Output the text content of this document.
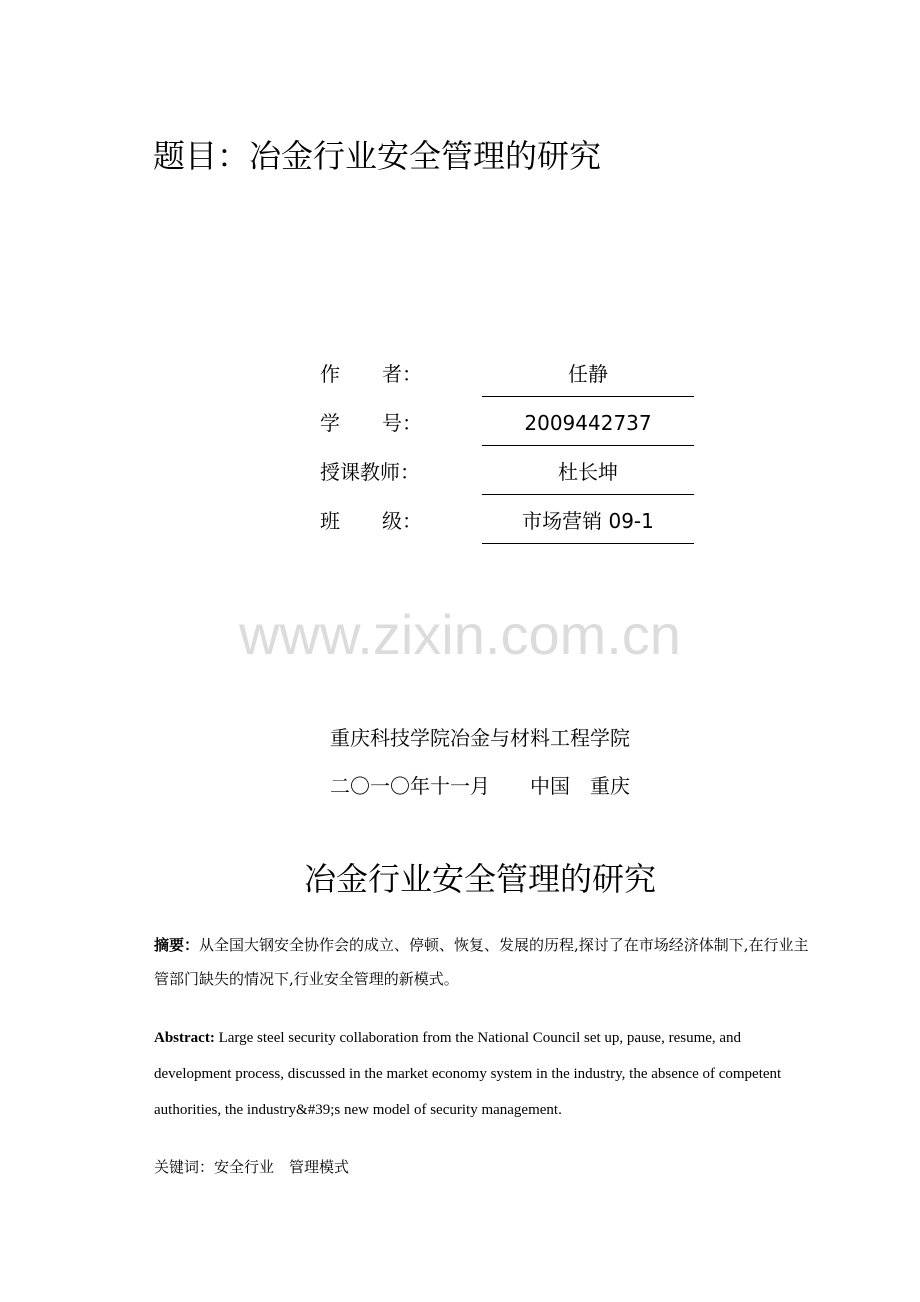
题目：冶金行业安全管理的研究
作 者：	任静
学 号：	2009442737
授课教师：	杜长坤
班 级：	市场营销 09-1
www.zixin.com.cn
重庆科技学院冶金与材料工程学院
二〇一〇年十一月　　中国　重庆
冶金行业安全管理的研究
摘要：从全国大钢安全协作会的成立、停顿、恢复、发展的历程,探讨了在市场经济体制下,在行业主管部门缺失的情况下,行业安全管理的新模式。
Abstract: Large steel security collaboration from the National Council set up, pause, resume, and development process, discussed in the market economy system in the industry, the absence of competent authorities, the industry&#39;s new model of security management.
关键词：安全行业　管理模式
